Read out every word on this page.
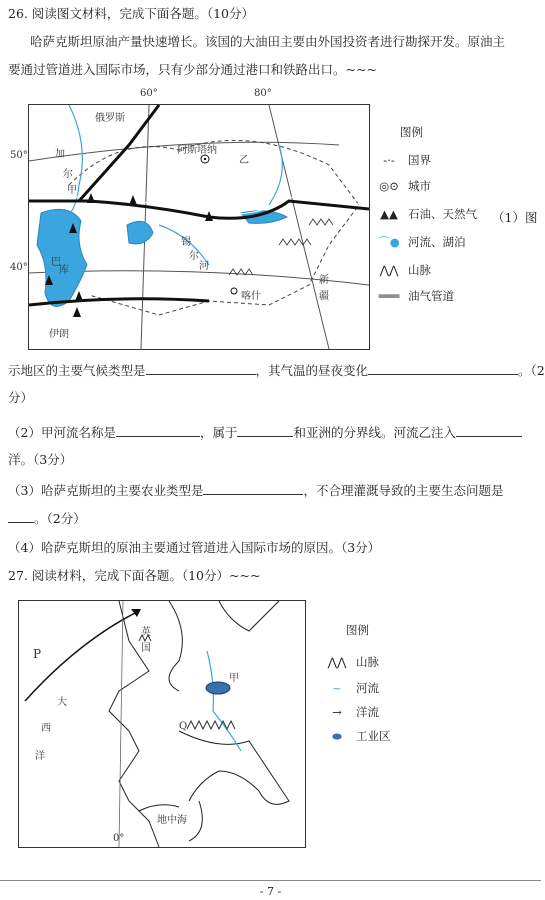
26. 阅读图文材料，完成下面各题。（10分）
哈萨克斯坦原油产量快速增长。该国的大油田主要由外国投资者进行勘探开发。原油主
要通过管道进入国际市场，只有少部分通过港口和铁路出口。~~~
俄罗斯
阿斯塔纳
乙
加
尔
甲
巴
库
伊朗
锡
尔
河
喀什
新
疆
60°	80°
50°
40°
图例
-·- 国界
◎⊙ 城市
▲▲ 石油、天然气
⌒● 河流、湖泊
⋀⋀ 山脉
═══ 油气管道
（1）图
示地区的主要气候类型是	，其气温的昼夜变化	。（2
分）
（2）甲河流名称是	，属于	和亚洲的分界线。河流乙注入
洋。（3分）
（3）哈萨克斯坦的主要农业类型是	，不合理灌溉导致的主要生态问题是
。（2分）
（4）哈萨克斯坦的原油主要通过管道进入国际市场的原因。（3分）
27. 阅读材料，完成下面各题。（10分）~~~
P
大
西
洋
英
国
甲
Q
地中海
0°
图例
⋀⋀ 山脉
~ 河流
→ 洋流
⬬ 工业区
- 7 -
